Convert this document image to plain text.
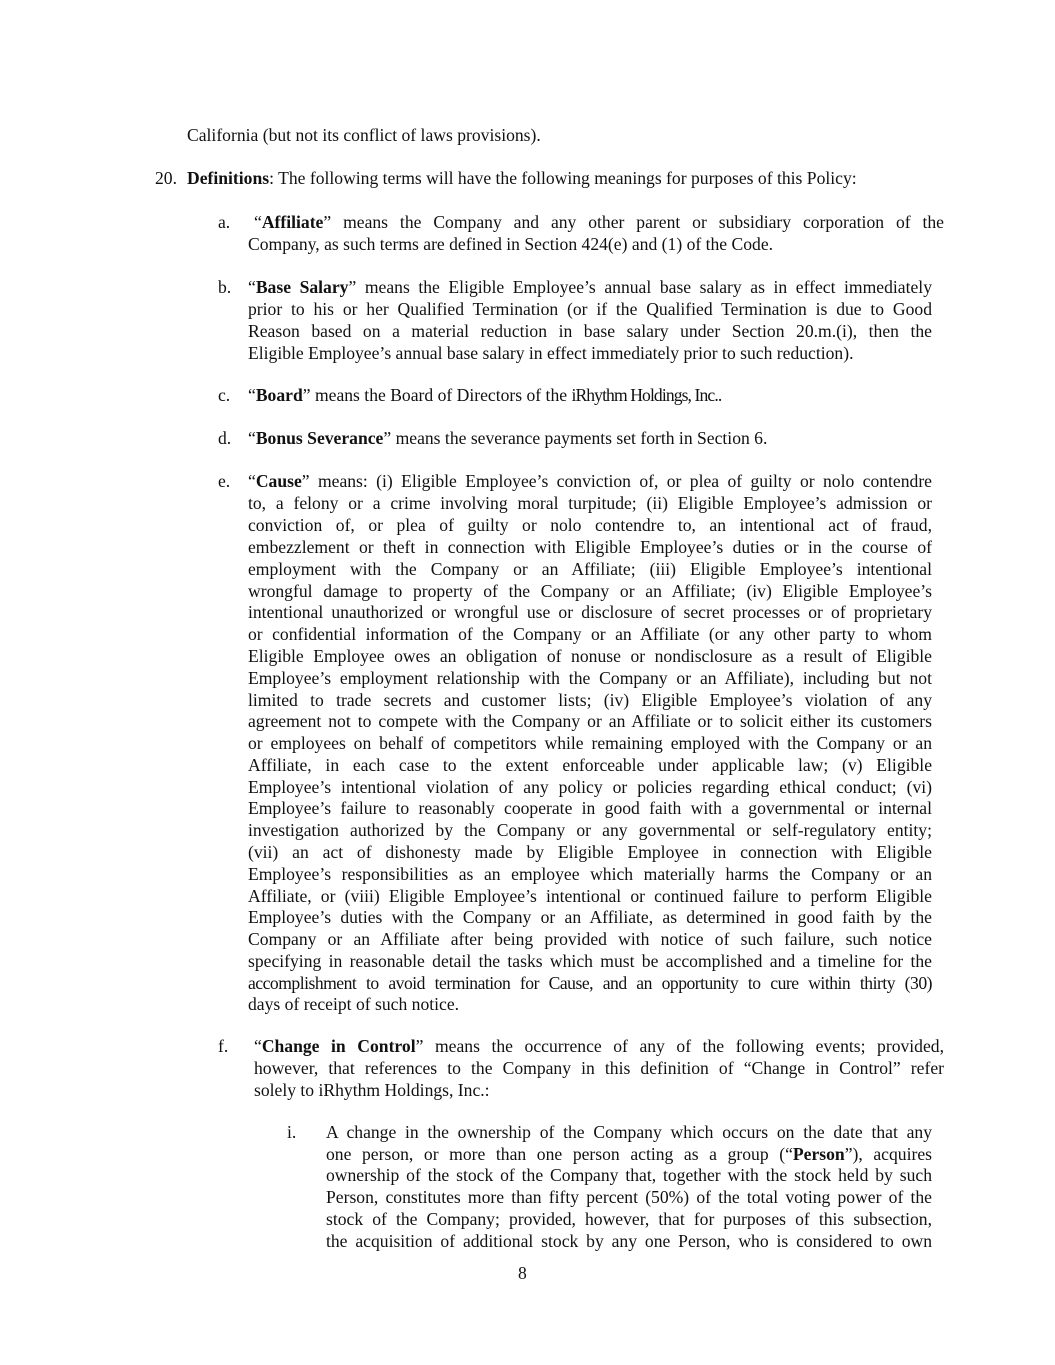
California (but not its conflict of laws provisions).
20. Definitions: The following terms will have the following meanings for purposes of this Policy:
a. “Affiliate” means the Company and any other parent or subsidiary corporation of the
Company, as such terms are defined in Section 424(e) and (1) of the Code.
b. “Base Salary” means the Eligible Employee’s annual base salary as in effect immediately
prior to his or her Qualified Termination (or if the Qualified Termination is due to Good
Reason based on a material reduction in base salary under Section 20.m.(i), then the
Eligible Employee’s annual base salary in effect immediately prior to such reduction).
c. “Board” means the Board of Directors of the iRhythm Holdings, Inc..
d. “Bonus Severance” means the severance payments set forth in Section 6.
e. “Cause” means: (i) Eligible Employee’s conviction of, or plea of guilty or nolo contendre
to, a felony or a crime involving moral turpitude; (ii) Eligible Employee’s admission or
conviction of, or plea of guilty or nolo contendre to, an intentional act of fraud,
embezzlement or theft in connection with Eligible Employee’s duties or in the course of
employment with the Company or an Affiliate; (iii) Eligible Employee’s intentional
wrongful damage to property of the Company or an Affiliate; (iv) Eligible Employee’s
intentional unauthorized or wrongful use or disclosure of secret processes or of proprietary
or confidential information of the Company or an Affiliate (or any other party to whom
Eligible Employee owes an obligation of nonuse or nondisclosure as a result of Eligible
Employee’s employment relationship with the Company or an Affiliate), including but not
limited to trade secrets and customer lists; (iv) Eligible Employee’s violation of any
agreement not to compete with the Company or an Affiliate or to solicit either its customers
or employees on behalf of competitors while remaining employed with the Company or an
Affiliate, in each case to the extent enforceable under applicable law; (v) Eligible
Employee’s intentional violation of any policy or policies regarding ethical conduct; (vi)
Employee’s failure to reasonably cooperate in good faith with a governmental or internal
investigation authorized by the Company or any governmental or self-regulatory entity;
(vii) an act of dishonesty made by Eligible Employee in connection with Eligible
Employee’s responsibilities as an employee which materially harms the Company or an
Affiliate, or (viii) Eligible Employee’s intentional or continued failure to perform Eligible
Employee’s duties with the Company or an Affiliate, as determined in good faith by the
Company or an Affiliate after being provided with notice of such failure, such notice
specifying in reasonable detail the tasks which must be accomplished and a timeline for the
accomplishment to avoid termination for Cause, and an opportunity to cure within thirty (30)
days of receipt of such notice.
f. “Change in Control” means the occurrence of any of the following events; provided,
however, that references to the Company in this definition of “Change in Control” refer
solely to iRhythm Holdings, Inc.:
i. A change in the ownership of the Company which occurs on the date that any
one person, or more than one person acting as a group (“Person”), acquires
ownership of the stock of the Company that, together with the stock held by such
Person, constitutes more than fifty percent (50%) of the total voting power of the
stock of the Company; provided, however, that for purposes of this subsection,
the acquisition of additional stock by any one Person, who is considered to own
8
